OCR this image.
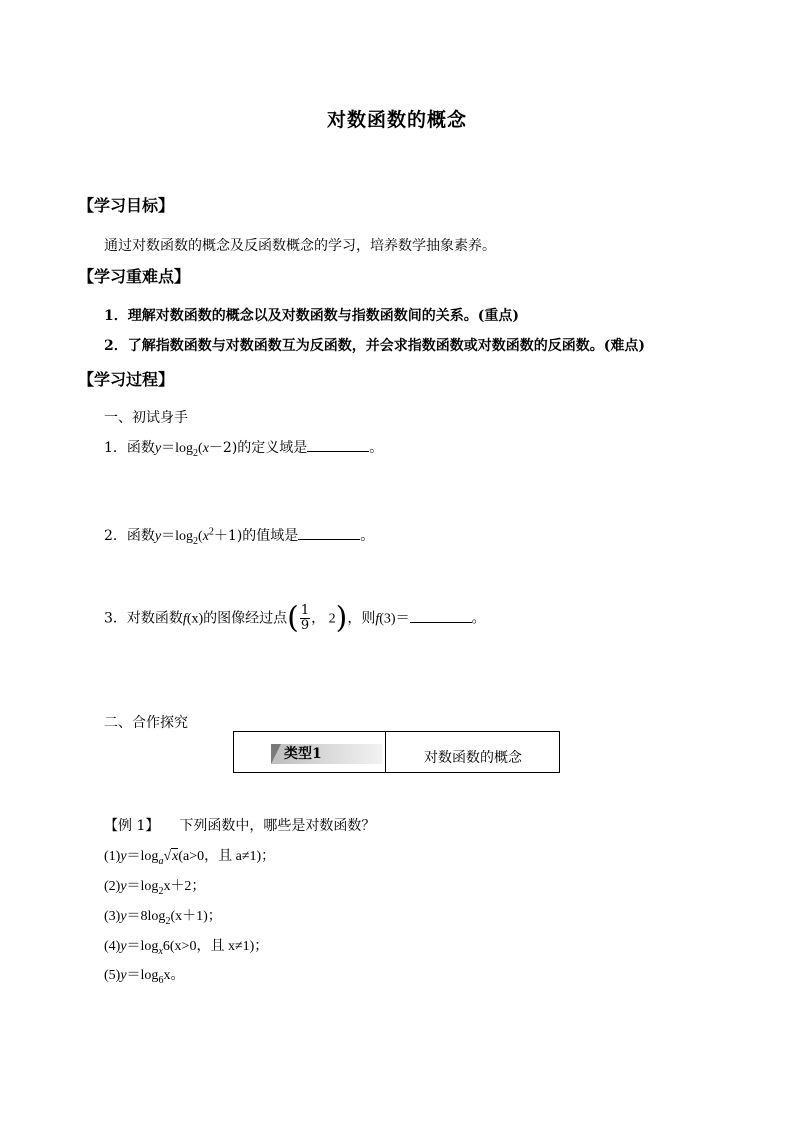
对数函数的概念
【学习目标】
通过对数函数的概念及反函数概念的学习，培养数学抽象素养。
【学习重难点】
1．理解对数函数的概念以及对数函数与指数函数间的关系。(重点)
2．了解指数函数与对数函数互为反函数，并会求指数函数或对数函数的反函数。(难点)
【学习过程】
一、初试身手
1．函数$y=\log_2(x-2)$的定义域是	。
2．函数$y=\log_2(x^2+1)$的值域是	。
3．对数函数f(x)的图像经过点( $\frac{1}{9}$ ， 2)，则f(3)＝	。
二、合作探究
类型1	对数函数的概念
【例 1】 下列函数中，哪些是对数函数？
$(1)y=\log_a√x(a>0$，且 a≠1)；
$(2)y=\log_2x+2$；
$(3)y=8\log_2(x+1)$；
$(4)y=\log_x6(x>0$，且 x≠1)；
$(5)y=\log_6x$。
